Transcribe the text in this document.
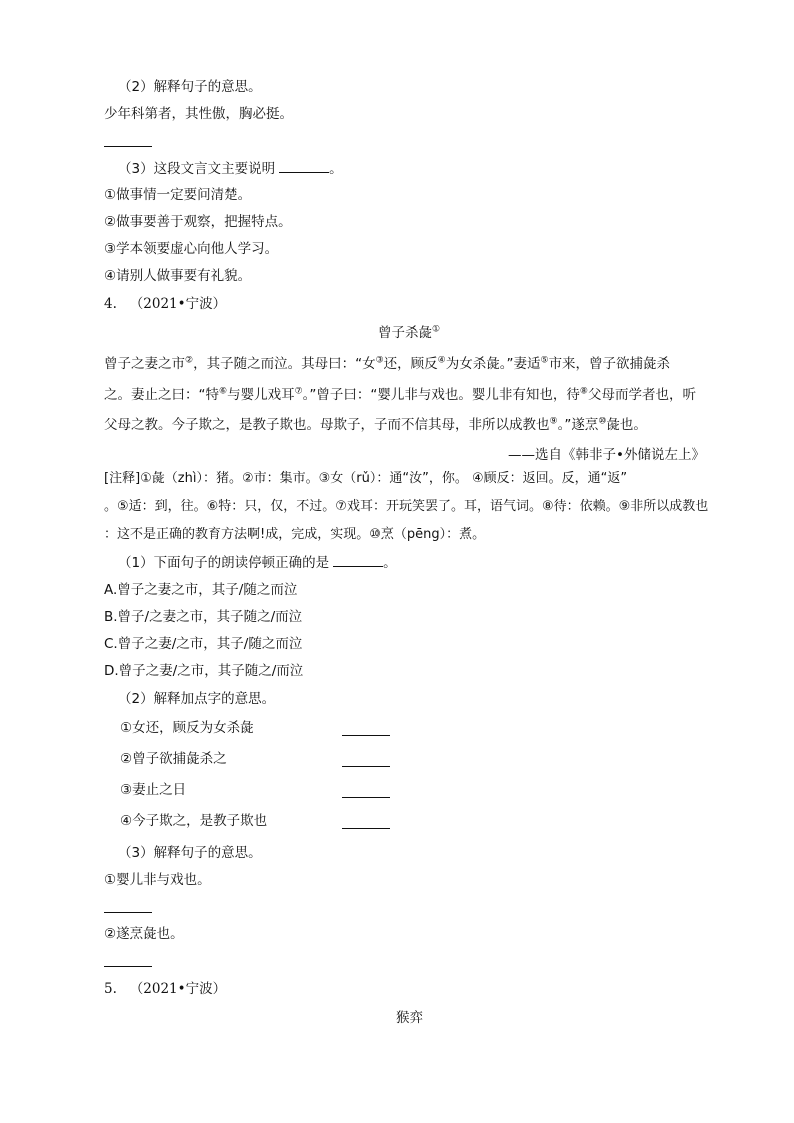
（2）解释句子的意思。
少年科第者，其性傲，胸必挺。
（3）这段文言文主要说明	。
①做事情一定要问清楚。
②做事要善于观察，把握特点。
③学本领要虚心向他人学习。
④请别人做事要有礼貌。
4. （2021•宁波）
曾子杀彘①
曾子之妻之市②，其子随之而泣。其母曰：“女③还，顾反④为女杀彘。”妻适⑤市来，曾子欲捕彘杀
之。妻止之曰：“特⑥与婴儿戏耳⑦。”曾子曰：“婴儿非与戏也。婴儿非有知也，待⑧父母而学者也，听
父母之教。今子欺之，是教子欺也。母欺子，子而不信其母，非所以成教也⑨。”遂烹⑩彘也。
——选自《韩非子•外储说左上》
[注释]①彘（zhì）：猪。②市：集市。③女（rǔ）：通“汝”，你。 ④顾反：返回。反，通“返”
。⑤适：到，往。⑥特：只，仅，不过。⑦戏耳：开玩笑罢了。耳，语气词。⑧待：依赖。⑨非所以成教也
：这不是正确的教育方法啊!成，完成，实现。⑩烹（pēng）：煮。
（1）下面句子的朗读停顿正确的是	。
A.曾子之妻之市，其子/随之而泣
B.曾子/之妻之市，其子随之/而泣
C.曾子之妻/之市，其子/随之而泣
D.曾子之妻/之市，其子随之/而泣
（2）解释加点字的意思。
①女还，顾反为女杀彘
②曾子欲捕彘杀之
③妻止之日
④今子欺之，是教子欺也
（3）解释句子的意思。
①婴儿非与戏也。
②遂烹彘也。
5. （2021•宁波）
猴弈
